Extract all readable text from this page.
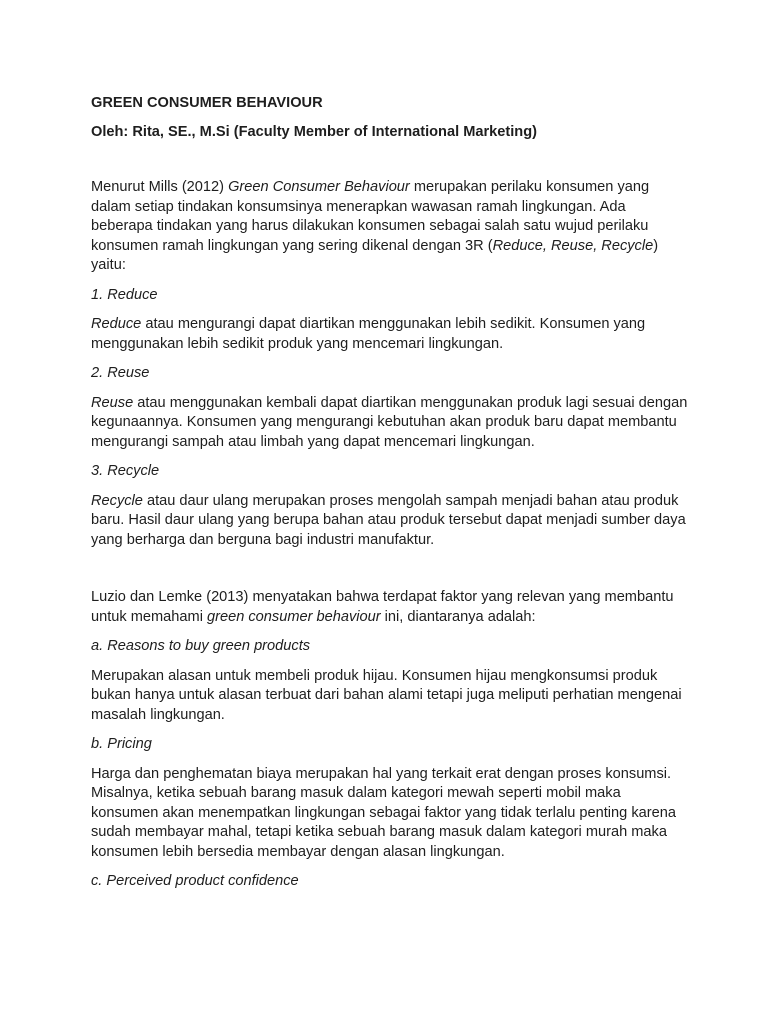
GREEN CONSUMER BEHAVIOUR
Oleh: Rita, SE., M.Si (Faculty Member of International Marketing)

Menurut Mills (2012) Green Consumer Behaviour merupakan perilaku konsumen yang dalam setiap tindakan konsumsinya menerapkan wawasan ramah lingkungan. Ada beberapa tindakan yang harus dilakukan konsumen sebagai salah satu wujud perilaku konsumen ramah lingkungan yang sering dikenal dengan 3R (Reduce, Reuse, Recycle) yaitu:

1. Reduce

Reduce atau mengurangi dapat diartikan menggunakan lebih sedikit. Konsumen yang menggunakan lebih sedikit produk yang mencemari lingkungan.

2. Reuse

Reuse atau menggunakan kembali dapat diartikan menggunakan produk lagi sesuai dengan kegunaannya. Konsumen yang mengurangi kebutuhan akan produk baru dapat membantu mengurangi sampah atau limbah yang dapat mencemari lingkungan.

3. Recycle

Recycle atau daur ulang merupakan proses mengolah sampah menjadi bahan atau produk baru. Hasil daur ulang yang berupa bahan atau produk tersebut dapat menjadi sumber daya yang berharga dan berguna bagi industri manufaktur.

Luzio dan Lemke (2013) menyatakan bahwa terdapat faktor yang relevan yang membantu untuk memahami green consumer behaviour ini, diantaranya adalah:

a. Reasons to buy green products

Merupakan alasan untuk membeli produk hijau. Konsumen hijau mengkonsumsi produk bukan hanya untuk alasan terbuat dari bahan alami tetapi juga meliputi perhatian mengenai masalah lingkungan.

b. Pricing

Harga dan penghematan biaya merupakan hal yang terkait erat dengan proses konsumsi. Misalnya, ketika sebuah barang masuk dalam kategori mewah seperti mobil maka konsumen akan menempatkan lingkungan sebagai faktor yang tidak terlalu penting karena sudah membayar mahal, tetapi ketika sebuah barang masuk dalam kategori murah maka konsumen lebih bersedia membayar dengan alasan lingkungan.

c. Perceived product confidence
